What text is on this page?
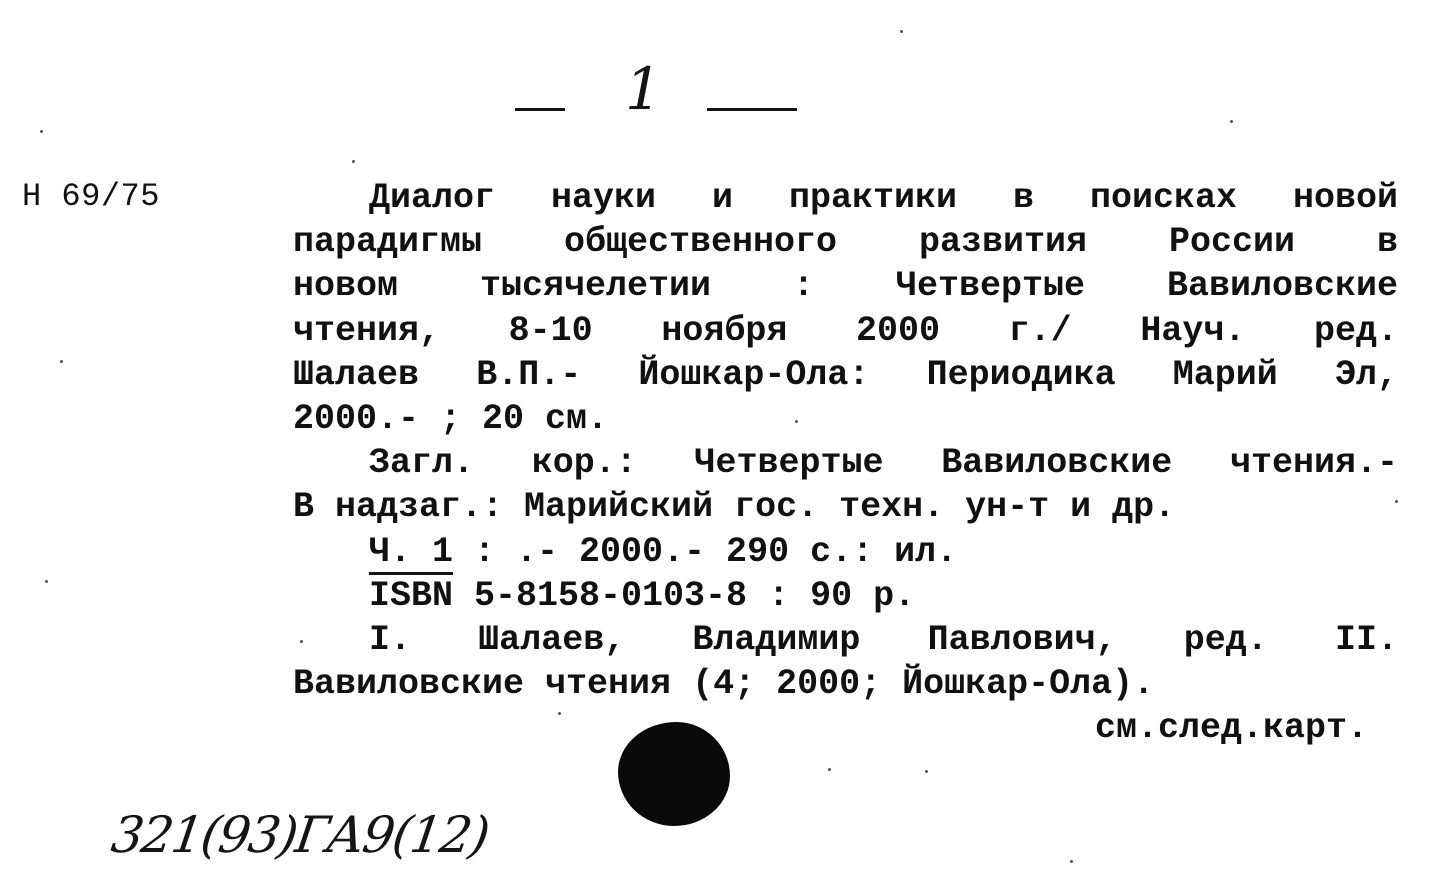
1
Н 69/75	Диалог науки и практики в поисках новой
парадигмы общественного развития России в
новом тысячелетии : Четвертые Вавиловские
чтения, 8-10 ноября 2000 г./ Науч. ред.
Шалаев В.П.- Йошкар-Ола: Периодика Марий Эл,
2000.- ; 20 см.
Загл. кор.: Четвертые Вавиловские чтения.-
В надзаг.: Марийский гос. техн. ун-т и др.
Ч. 1 : .- 2000.- 290 с.: ил.
ISBN 5-8158-0103-8 : 90 р.
I. Шалаев, Владимир Павлович, ред. II.
Вавиловские чтения (4; 2000; Йошкар-Ола).
см.след.карт.
321(93)ГА9(12)
